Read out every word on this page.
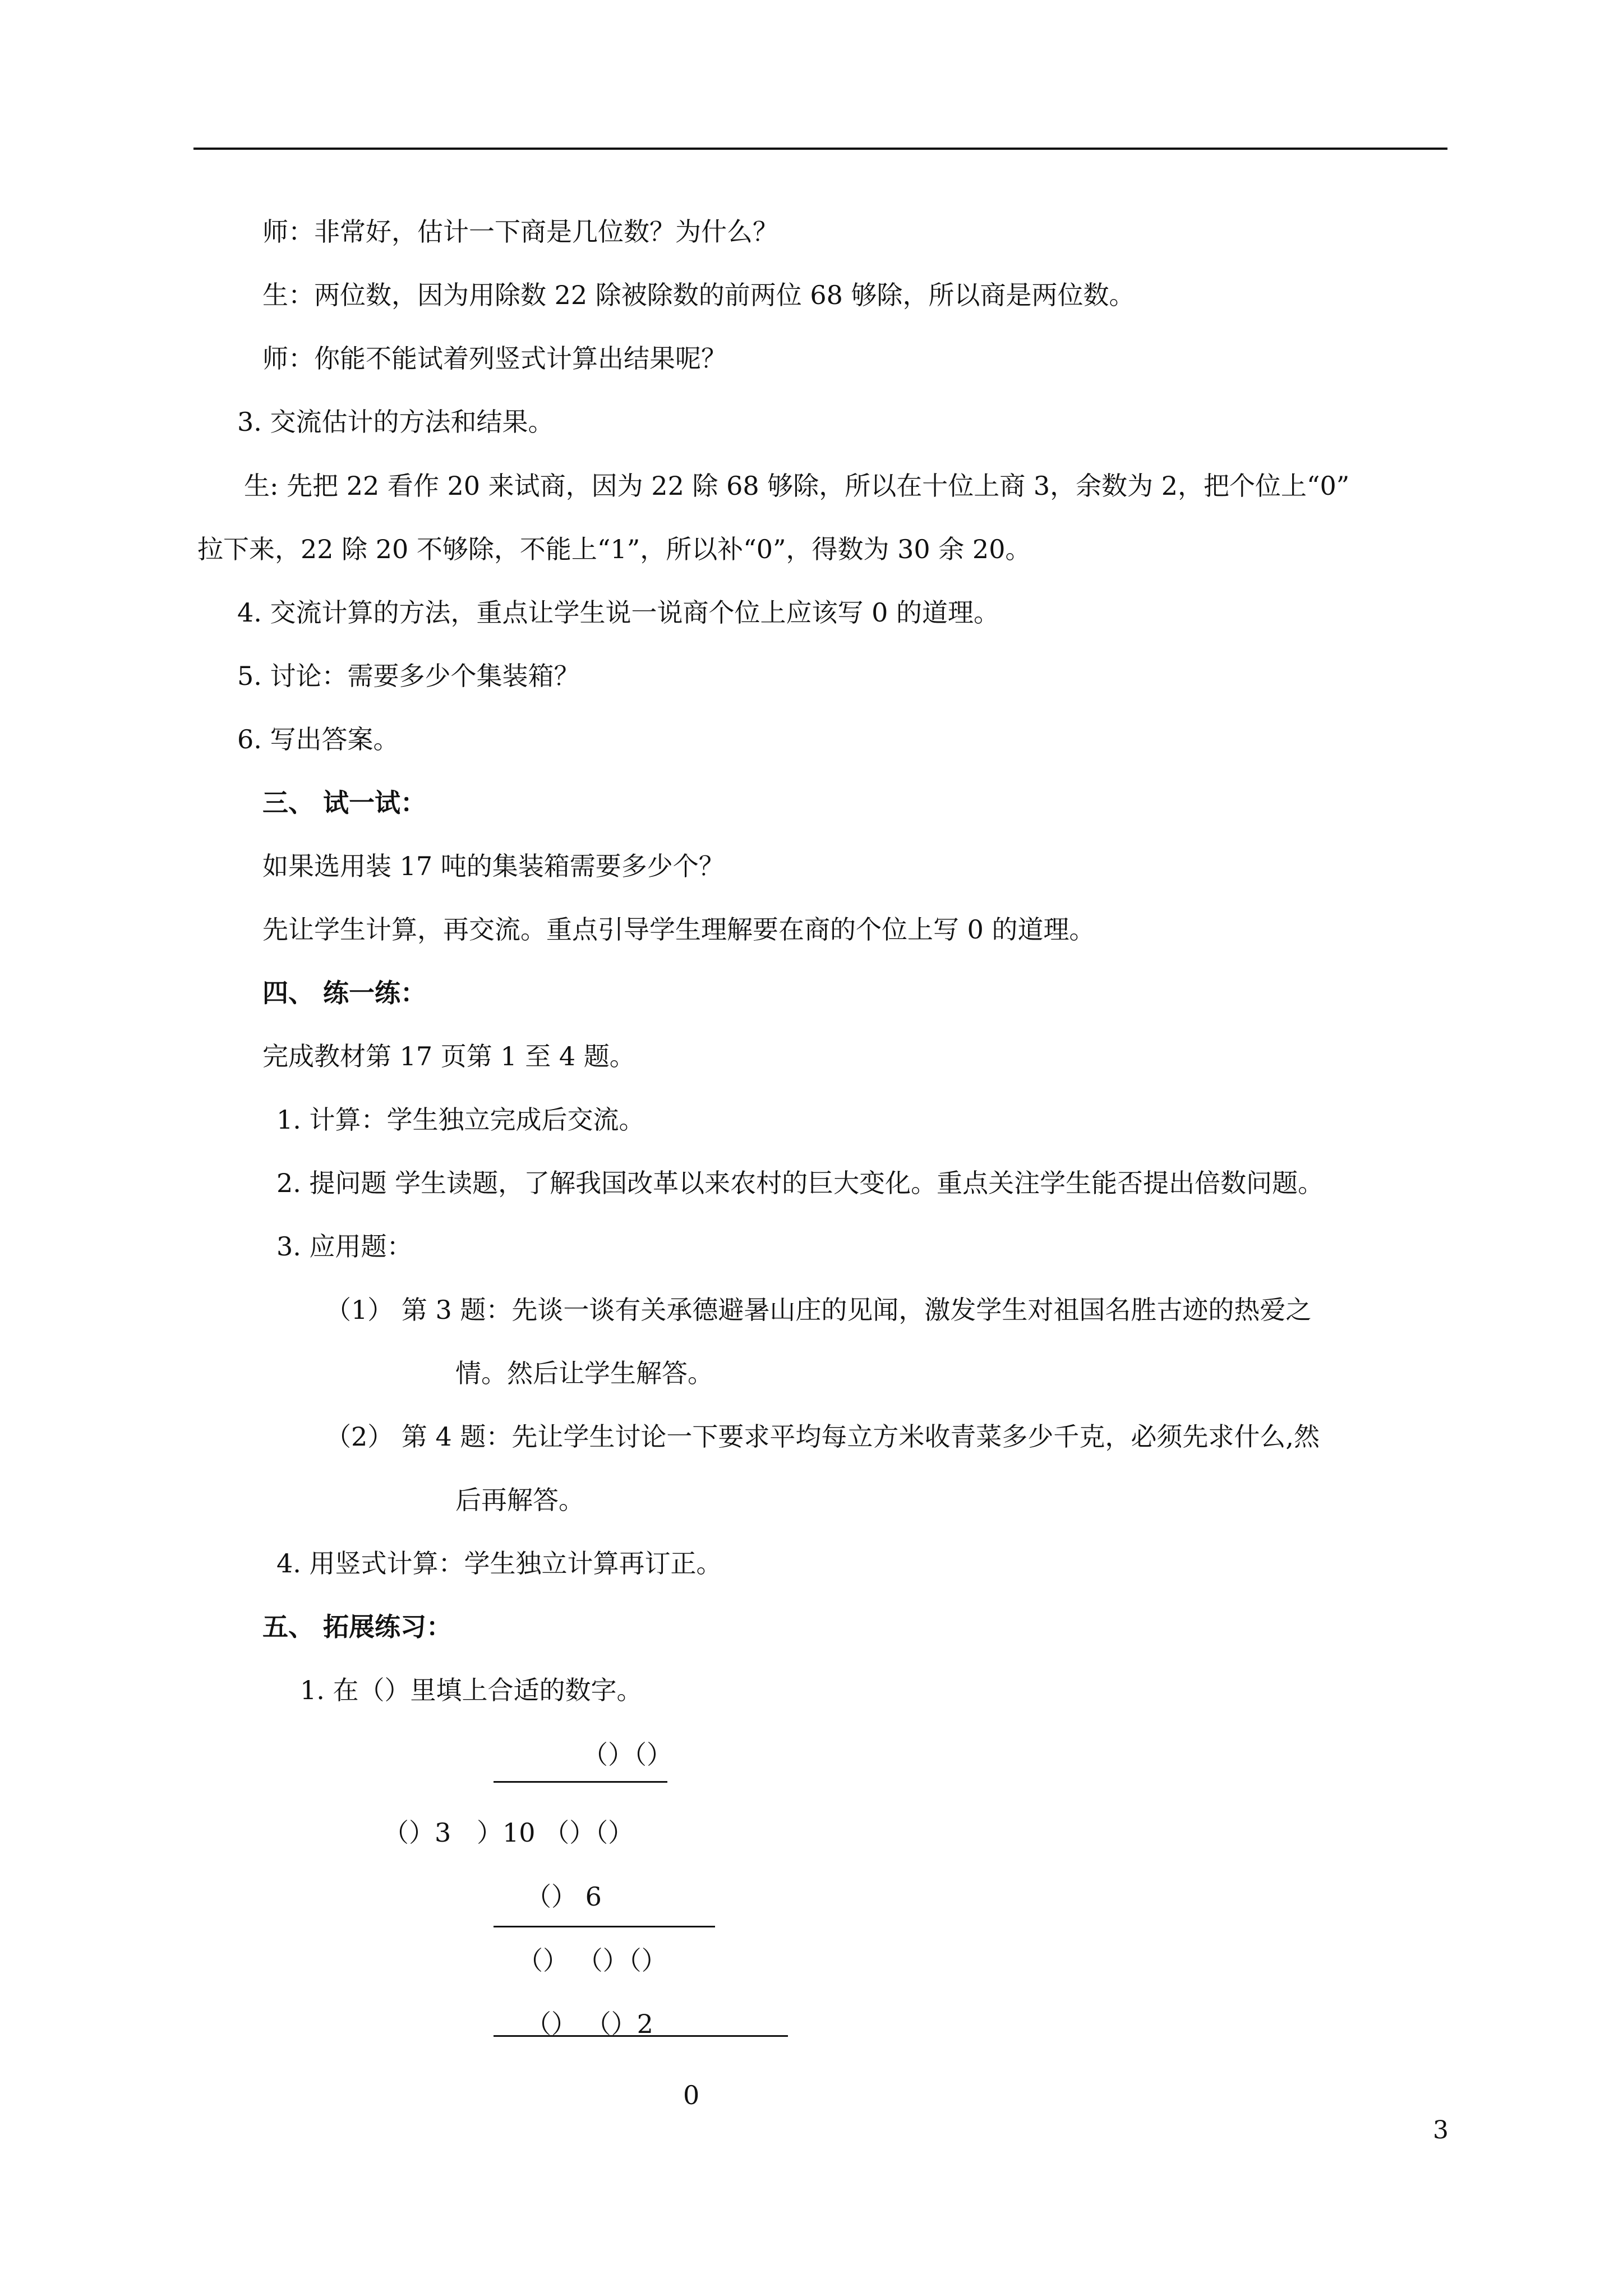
师：非常好，估计一下商是几位数？为什么？
生：两位数，因为用除数 22 除被除数的前两位 68 够除，所以商是两位数。
师：你能不能试着列竖式计算出结果呢？
3. 交流估计的方法和结果。
生: 先把 22 看作 20 来试商，因为 22 除 68 够除，所以在十位上商 3，余数为 2，把个位上“0”
拉下来，22 除 20 不够除，不能上“1”，所以补“0”，得数为 30 余 20。
4. 交流计算的方法，重点让学生说一说商个位上应该写 0 的道理。
5. 讨论：需要多少个集装箱？
6. 写出答案。
三、 试一试：
如果选用装 17 吨的集装箱需要多少个？
先让学生计算，再交流。重点引导学生理解要在商的个位上写 0 的道理。
四、 练一练：
完成教材第 17 页第 1 至 4 题。
1. 计算：学生独立完成后交流。
2. 提问题 学生读题，了解我国改革以来农村的巨大变化。重点关注学生能否提出倍数问题。
3. 应用题：
（1） 第 3 题：先谈一谈有关承德避暑山庄的见闻，激发学生对祖国名胜古迹的热爱之
情。然后让学生解答。
（2） 第 4 题：先让学生讨论一下要求平均每立方米收青菜多少千克，必须先求什么,然
后再解答。
4. 用竖式计算：学生独立计算再订正。
五、 拓展练习：
1. 在（）里填上合适的数字。
（）（）
（）3 ）10 （）（）
（） 6
（） （）（）
（） （）2
0
3
